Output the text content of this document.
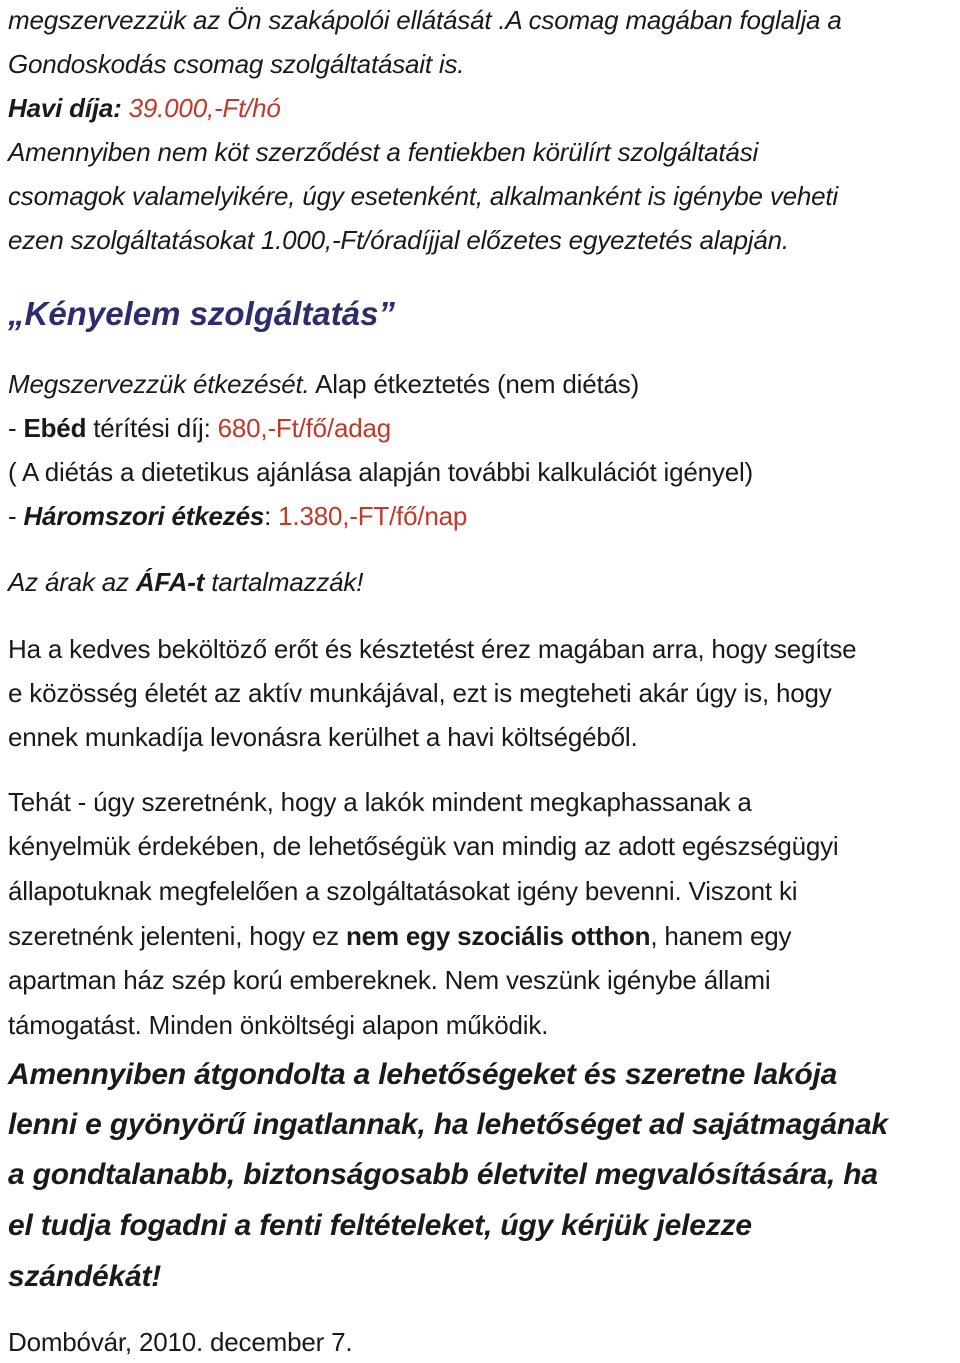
megszervezzük az Ön szakápolói ellátását .A csomag magában foglalja a
Gondoskodás csomag szolgáltatásait is.
Havi díja: 39.000,-Ft/hó
Amennyiben nem köt szerződést a fentiekben körülírt szolgáltatási
csomagok valamelyikére, úgy esetenként, alkalmanként is igénybe veheti
ezen szolgáltatásokat 1.000,-Ft/óradíjjal előzetes egyeztetés alapján.
„Kényelem szolgáltatás”
Megszervezzük étkezését. Alap étkeztetés (nem diétás)
- Ebéd térítési díj: 680,-Ft/fő/adag
( A diétás a dietetikus ajánlása alapján további kalkulációt igényel)
- Háromszori étkezés: 1.380,-FT/fő/nap
Az árak az ÁFA-t tartalmazzák!
Ha a kedves beköltöző erőt és késztetést érez magában arra, hogy segítse
e közösség életét az aktív munkájával, ezt is megteheti akár úgy is, hogy
ennek munkadíja levonásra kerülhet a havi költségéből.
Tehát - úgy szeretnénk, hogy a lakók mindent megkaphassanak a
kényelmük érdekében, de lehetőségük van mindig az adott egészségügyi
állapotuknak megfelelően a szolgáltatásokat igény bevenni. Viszont ki
szeretnénk jelenteni, hogy ez nem egy szociális otthon, hanem egy
apartman ház szép korú embereknek. Nem veszünk igénybe állami
támogatást. Minden önköltségi alapon működik.
Amennyiben átgondolta a lehetőségeket és szeretne lakója
lenni e gyönyörű ingatlannak, ha lehetőséget ad sajátmagának
a gondtalanabb, biztonságosabb életvitel megvalósítására, ha
el tudja fogadni a fenti feltételeket, úgy kérjük jelezze
szándékát!
Dombóvár, 2010. december 7.
